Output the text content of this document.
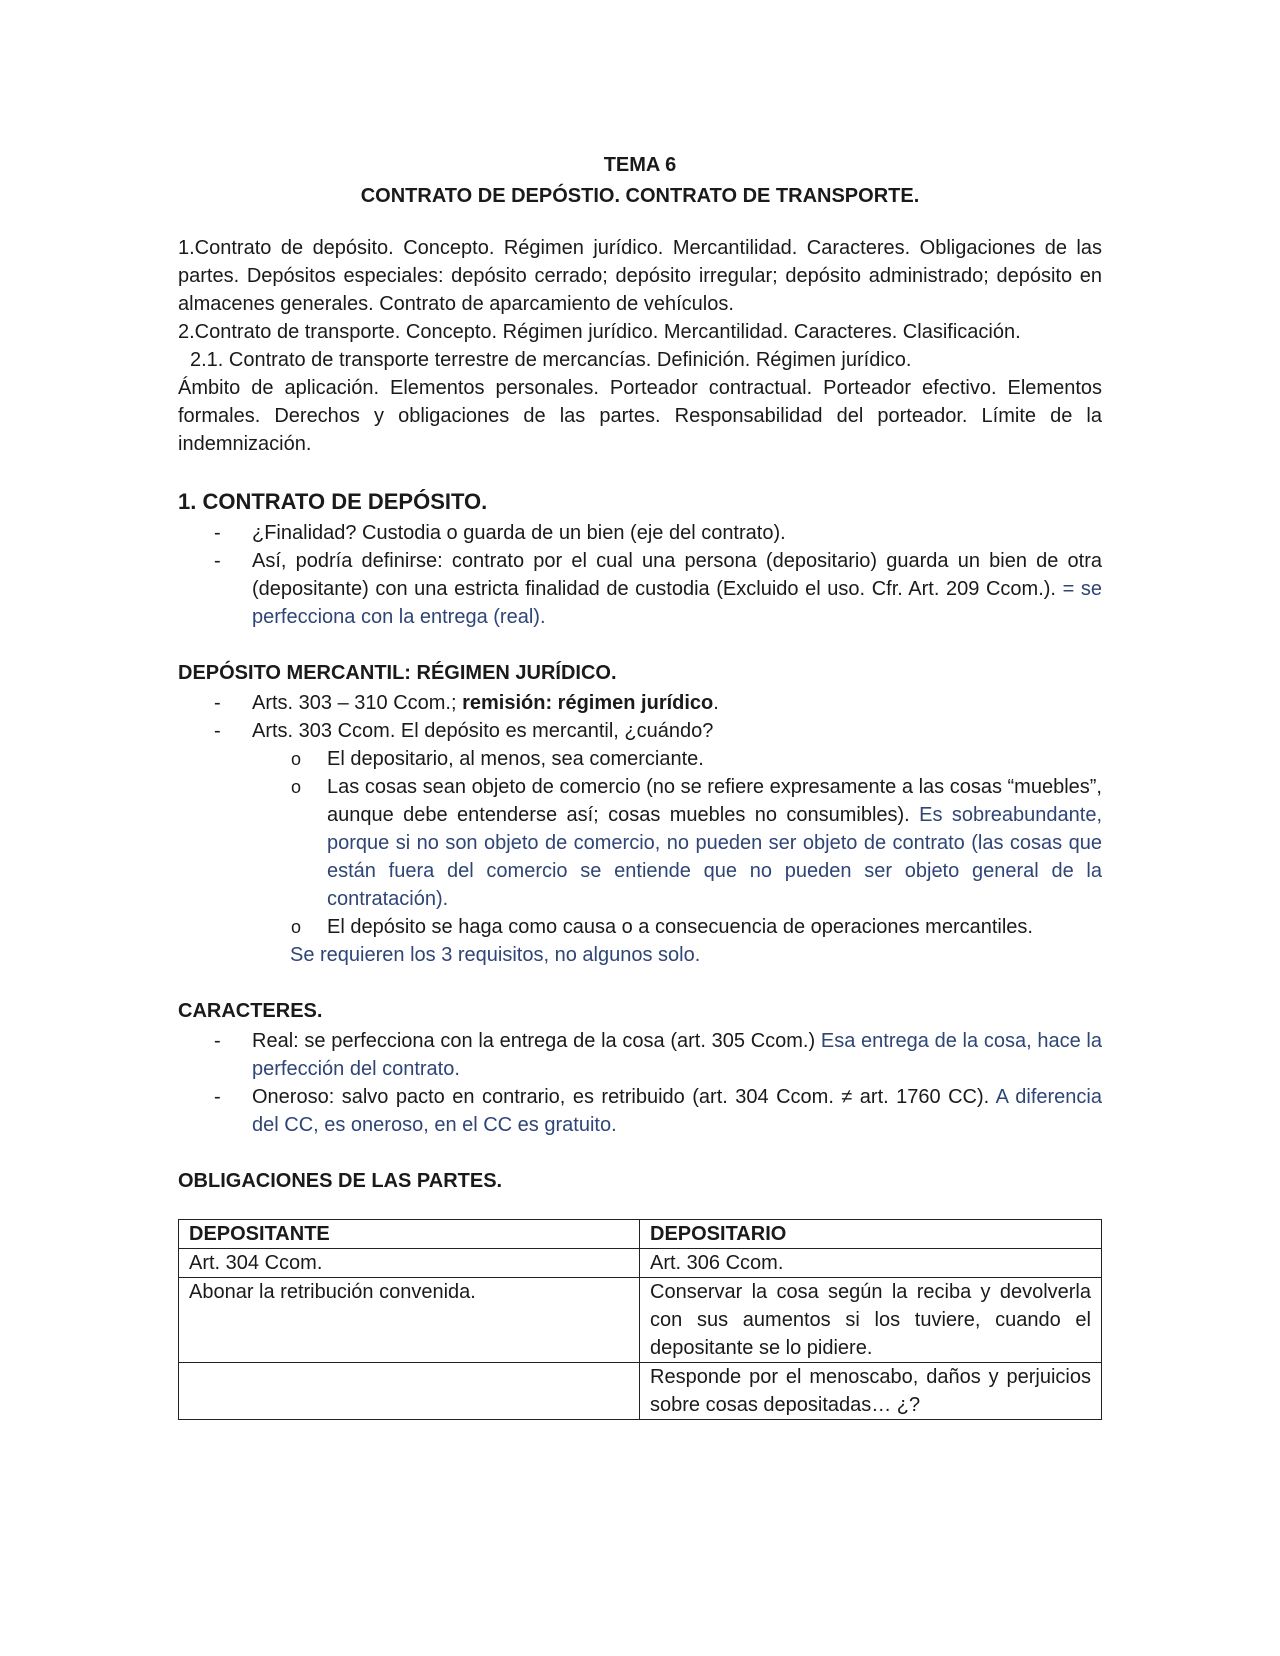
TEMA 6
CONTRATO DE DEPÓSTIO. CONTRATO DE TRANSPORTE.

1.Contrato de depósito. Concepto. Régimen jurídico. Mercantilidad. Caracteres. Obligaciones de las partes. Depósitos especiales: depósito cerrado; depósito irregular; depósito administrado; depósito en almacenes generales. Contrato de aparcamiento de vehículos.

2.Contrato de transporte. Concepto. Régimen jurídico. Mercantilidad. Caracteres. Clasificación.

2.1. Contrato de transporte terrestre de mercancías. Definición. Régimen jurídico.

Ámbito de aplicación. Elementos personales. Porteador contractual. Porteador efectivo. Elementos formales. Derechos y obligaciones de las partes. Responsabilidad del porteador. Límite de la indemnización.

1. CONTRATO DE DEPÓSITO.
- ¿Finalidad? Custodia o guarda de un bien (eje del contrato).
- Así, podría definirse: contrato por el cual una persona (depositario) guarda un bien de otra (depositante) con una estricta finalidad de custodia (Excluido el uso. Cfr. Art. 209 Ccom.). = se perfecciona con la entrega (real).
DEPÓSITO MERCANTIL: RÉGIMEN JURÍDICO.
- Arts. 303 – 310 Ccom.; remisión: régimen jurídico.
- Arts. 303 Ccom. El depósito es mercantil, ¿cuándo?
o El depositario, al menos, sea comerciante.
o Las cosas sean objeto de comercio (no se refiere expresamente a las cosas “muebles”, aunque debe entenderse así; cosas muebles no consumibles). Es sobreabundante, porque si no son objeto de comercio, no pueden ser objeto de contrato (las cosas que están fuera del comercio se entiende que no pueden ser objeto general de la contratación).
o El depósito se haga como causa o a consecuencia de operaciones mercantiles.
Se requieren los 3 requisitos, no algunos solo.
CARACTERES.
- Real: se perfecciona con la entrega de la cosa (art. 305 Ccom.) Esa entrega de la cosa, hace la perfección del contrato.
- Oneroso: salvo pacto en contrario, es retribuido (art. 304 Ccom. ≠ art. 1760 CC). A diferencia del CC, es oneroso, en el CC es gratuito.
OBLIGACIONES DE LAS PARTES.
DEPOSITANTE	DEPOSITARIO
Art. 304 Ccom.	Art. 306 Ccom.
Abonar la retribución convenida.	Conservar la cosa según la reciba y devolverla con sus aumentos si los tuviere, cuando el depositante se lo pidiere.
	Responde por el menoscabo, daños y perjuicios sobre cosas depositadas… ¿?
